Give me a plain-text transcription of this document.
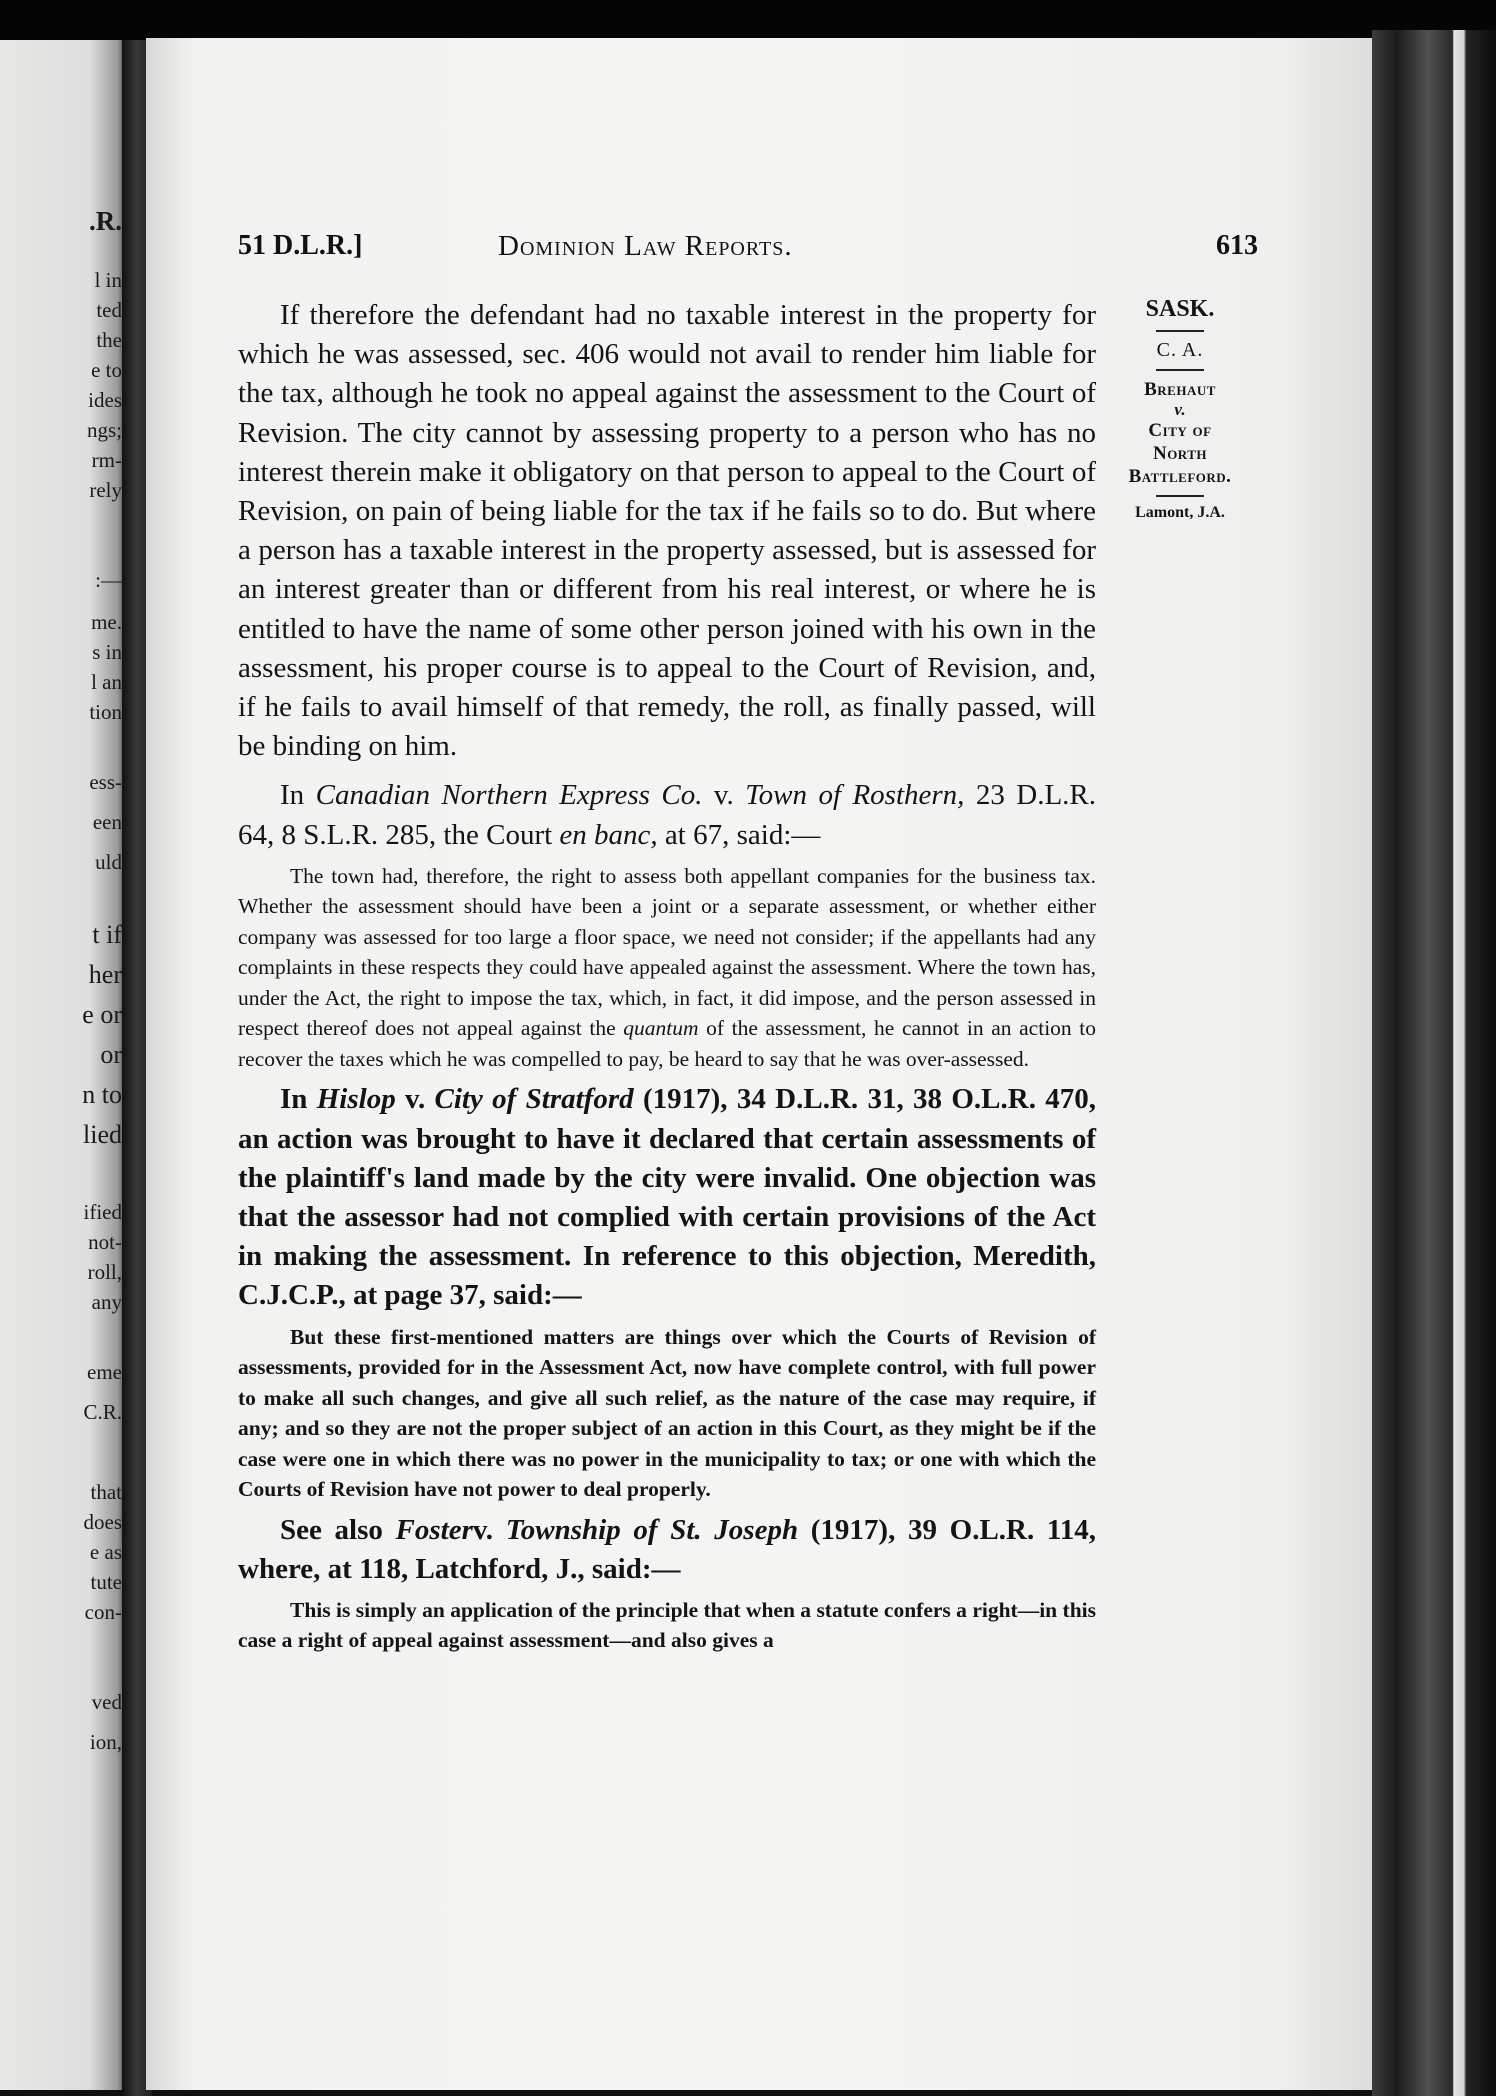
.R.
l in
ted
the
e to
ides
ngs;
rm-
rely
:—
me.
s in
l an
tion
ess-
een
uld
t if
her
e or
or
n to
lied
ified
not-
roll,
any
eme
C.R.
that
does
e as
tute
con-
ved
ion,
51 D.L.R.]	Dominion Law Reports.	613

SASK.

C. A.

Brehaut

v.

City of

North

Battleford.

Lamont, J.A.

If therefore the defendant had no taxable interest in the property for which he was assessed, sec. 406 would not avail to render him liable for the tax, although he took no appeal against the assessment to the Court of Revision. The city cannot by assessing property to a person who has no interest therein make it obligatory on that person to appeal to the Court of Revision, on pain of being liable for the tax if he fails so to do. But where a person has a taxable interest in the property assessed, but is assessed for an interest greater than or different from his real interest, or where he is entitled to have the name of some other person joined with his own in the assessment, his proper course is to appeal to the Court of Revision, and, if he fails to avail himself of that remedy, the roll, as finally passed, will be binding on him.

In Canadian Northern Express Co. v. Town of Rosthern, 23 D.L.R. 64, 8 S.L.R. 285, the Court en banc, at 67, said:—

The town had, therefore, the right to assess both appellant companies for the business tax. Whether the assessment should have been a joint or a separate assessment, or whether either company was assessed for too large a floor space, we need not consider; if the appellants had any complaints in these respects they could have appealed against the assessment. Where the town has, under the Act, the right to impose the tax, which, in fact, it did impose, and the person assessed in respect thereof does not appeal against the quantum of the assessment, he cannot in an action to recover the taxes which he was compelled to pay, be heard to say that he was over-assessed.

In Hislop v. City of Stratford (1917), 34 D.L.R. 31, 38 O.L.R. 470, an action was brought to have it declared that certain assessments of the plaintiff's land made by the city were invalid. One objection was that the assessor had not complied with certain provisions of the Act in making the assessment. In reference to this objection, Meredith, C.J.C.P., at page 37, said:—

But these first-mentioned matters are things over which the Courts of Revision of assessments, provided for in the Assessment Act, now have complete control, with full power to make all such changes, and give all such relief, as the nature of the case may require, if any; and so they are not the proper subject of an action in this Court, as they might be if the case were one in which there was no power in the municipality to tax; or one with which the Courts of Revision have not power to deal properly.

See also Fosterv. Township of St. Joseph (1917), 39 O.L.R. 114, where, at 118, Latchford, J., said:—

This is simply an application of the principle that when a statute confers a right—in this case a right of appeal against assessment—and also gives a
